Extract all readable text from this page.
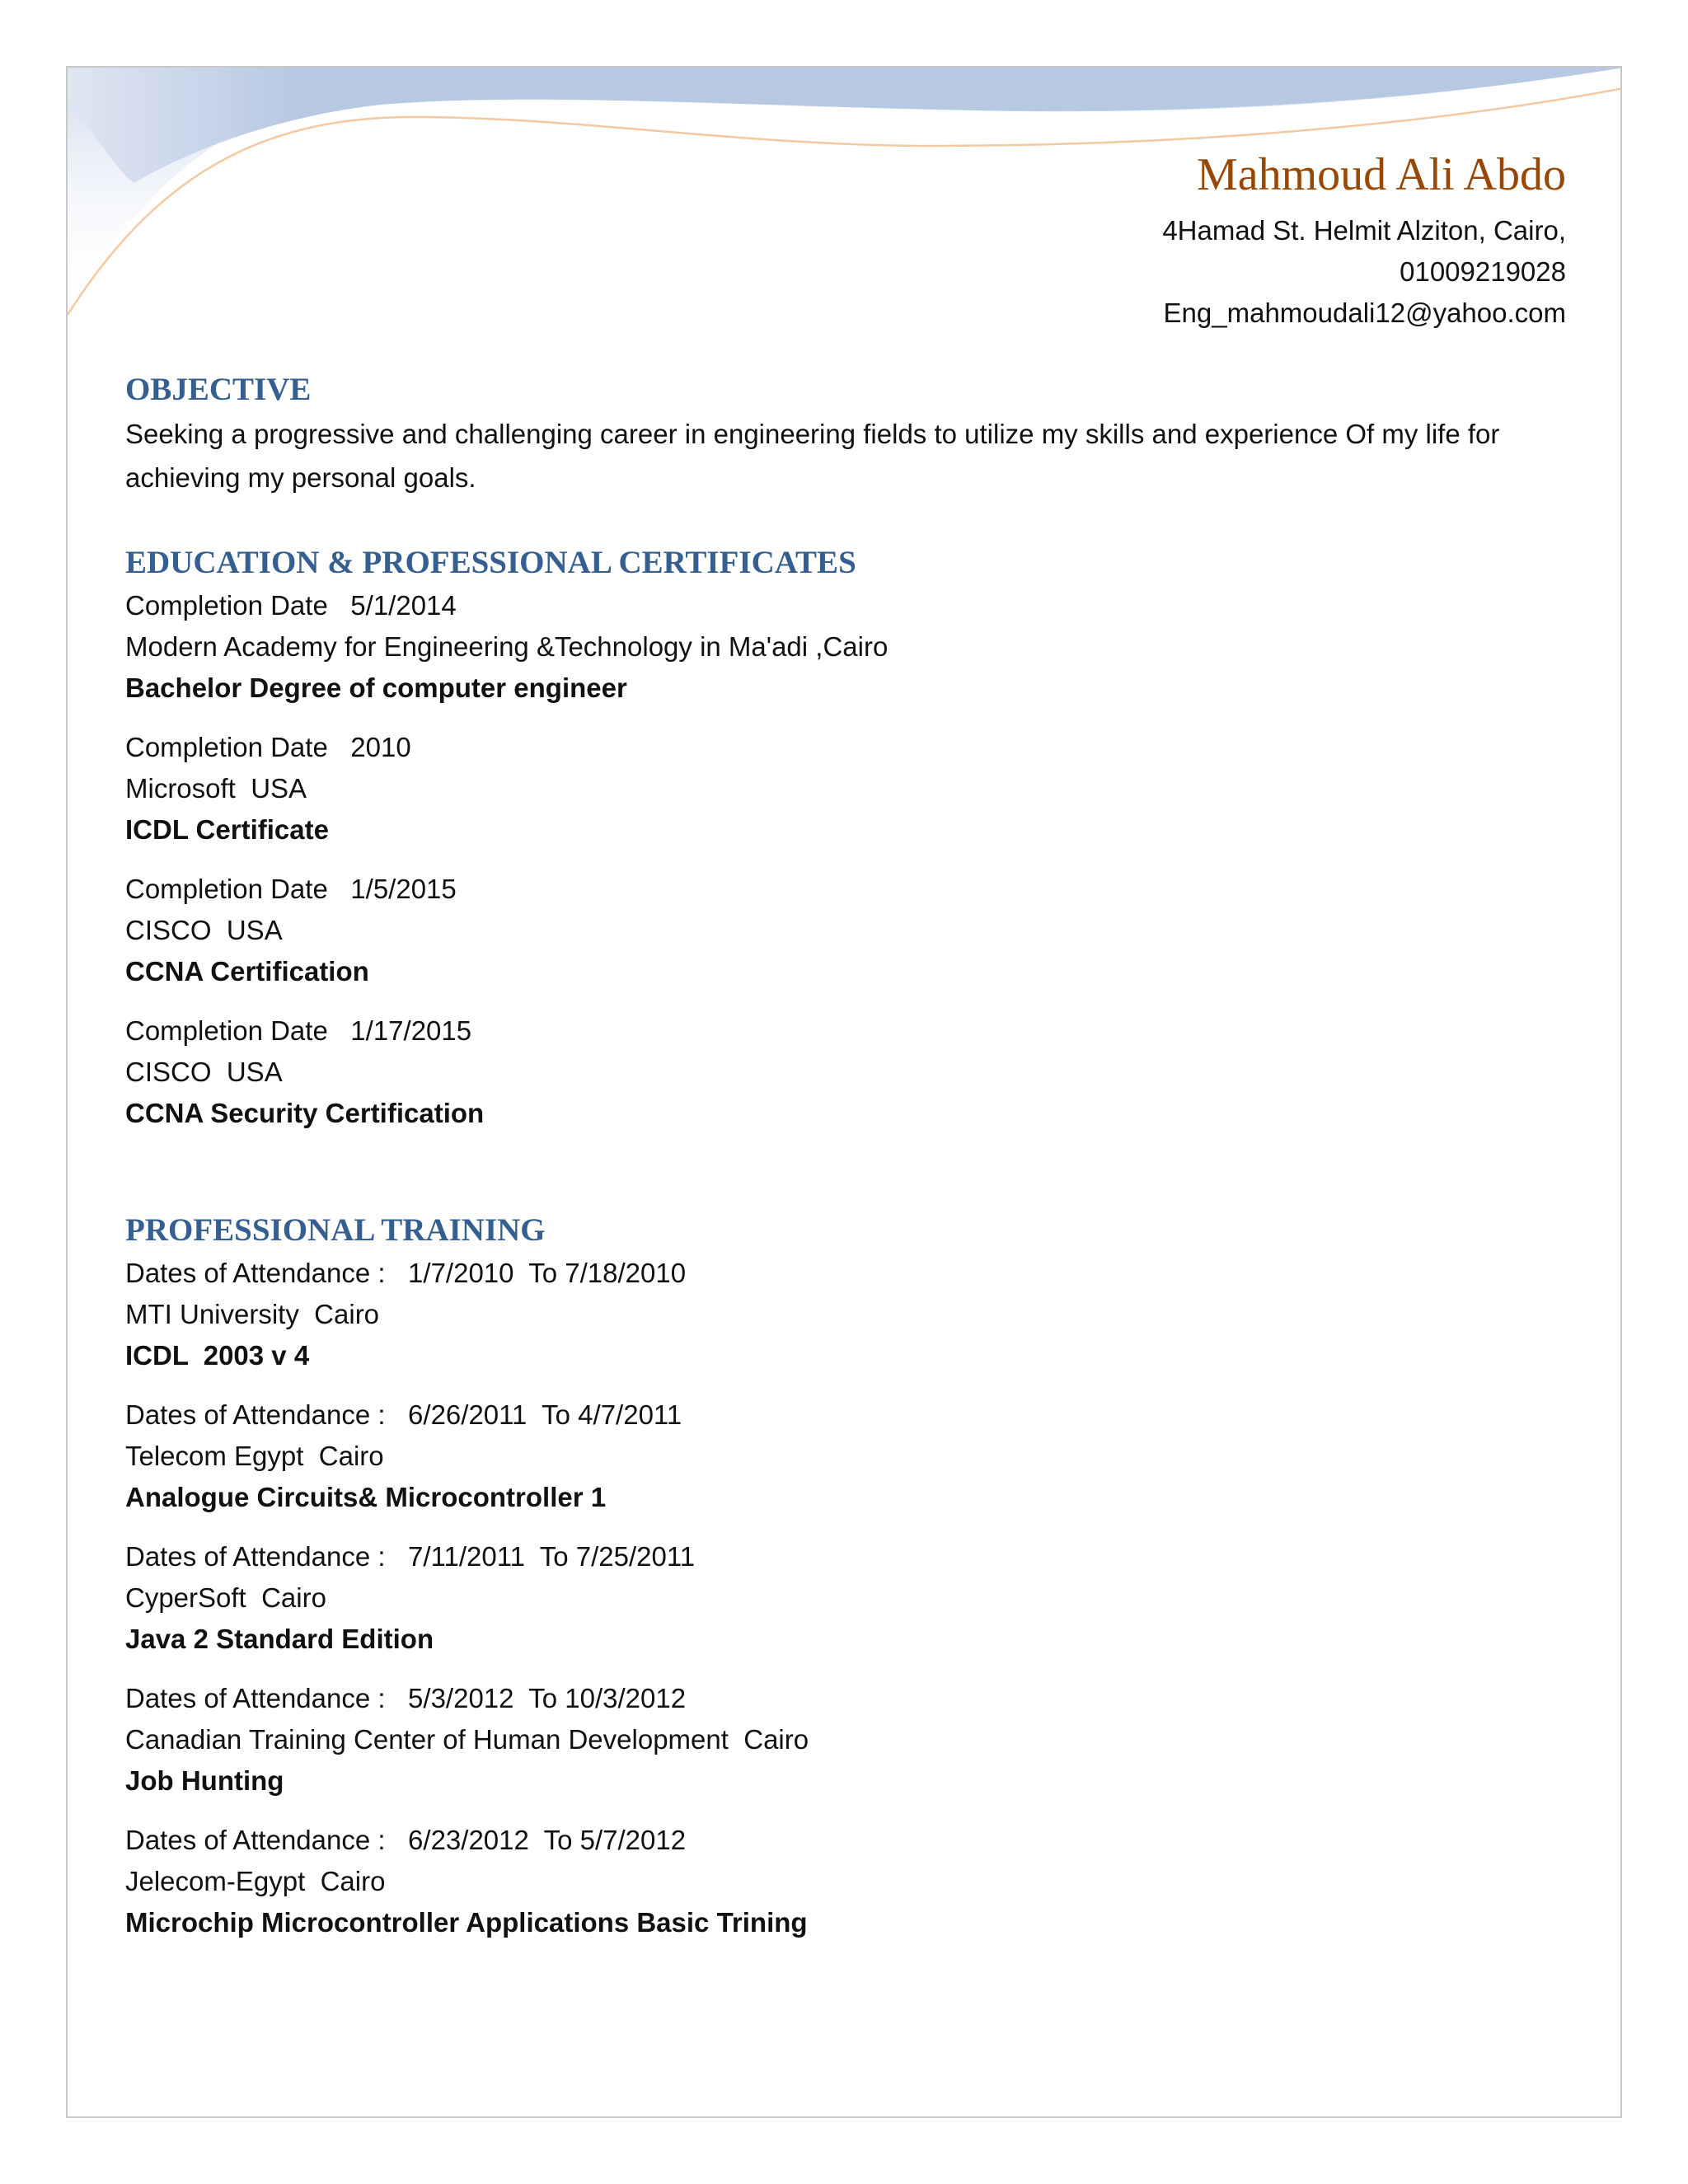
Mahmoud Ali Abdo
4Hamad St. Helmit Alziton, Cairo,
01009219028
Eng_mahmoudali12@yahoo.com
OBJECTIVE
Seeking a progressive and challenging career in engineering fields to utilize my skills and experience Of my life for achieving my personal goals.
EDUCATION & PROFESSIONAL CERTIFICATES
Completion Date   5/1/2014
Modern Academy for Engineering &Technology in Ma'adi ,Cairo
Bachelor Degree of computer engineer
Completion Date   2010
Microsoft  USA
ICDL Certificate
Completion Date   1/5/2015
CISCO  USA
CCNA Certification
Completion Date   1/17/2015
CISCO  USA
CCNA Security Certification
PROFESSIONAL TRAINING
Dates of Attendance :   1/7/2010  To 7/18/2010
MTI University  Cairo
ICDL  2003 v 4
Dates of Attendance :   6/26/2011  To 4/7/2011
Telecom Egypt  Cairo
Analogue Circuits& Microcontroller 1
Dates of Attendance :   7/11/2011  To 7/25/2011
CyperSoft  Cairo
Java 2 Standard Edition
Dates of Attendance :   5/3/2012  To 10/3/2012
Canadian Training Center of Human Development  Cairo
Job Hunting
Dates of Attendance :   6/23/2012  To 5/7/2012
Jelecom-Egypt  Cairo
Microchip Microcontroller Applications Basic Trining
